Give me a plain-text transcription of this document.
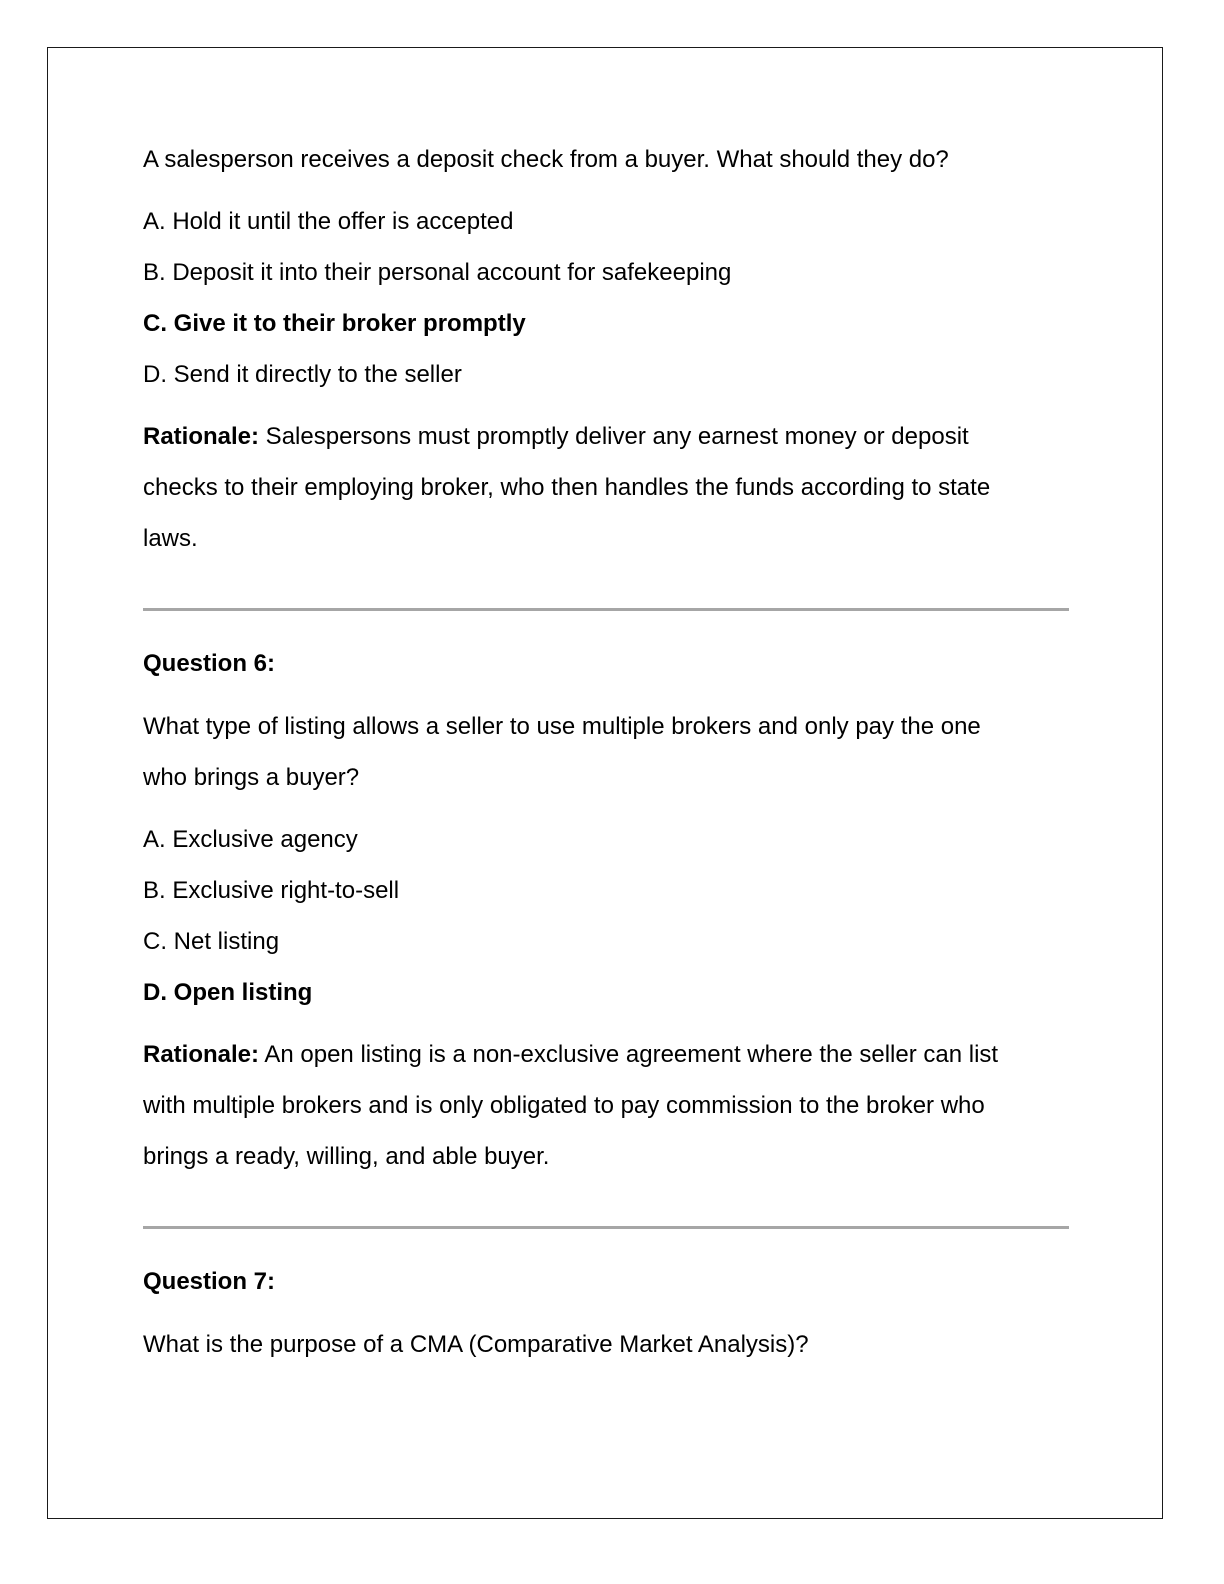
A salesperson receives a deposit check from a buyer. What should they do?
A. Hold it until the offer is accepted
B. Deposit it into their personal account for safekeeping
C. Give it to their broker promptly
D. Send it directly to the seller
Rationale: Salespersons must promptly deliver any earnest money or deposit
checks to their employing broker, who then handles the funds according to state
laws.
Question 6:
What type of listing allows a seller to use multiple brokers and only pay the one
who brings a buyer?
A. Exclusive agency
B. Exclusive right-to-sell
C. Net listing
D. Open listing
Rationale: An open listing is a non-exclusive agreement where the seller can list
with multiple brokers and is only obligated to pay commission to the broker who
brings a ready, willing, and able buyer.
Question 7:
What is the purpose of a CMA (Comparative Market Analysis)?
